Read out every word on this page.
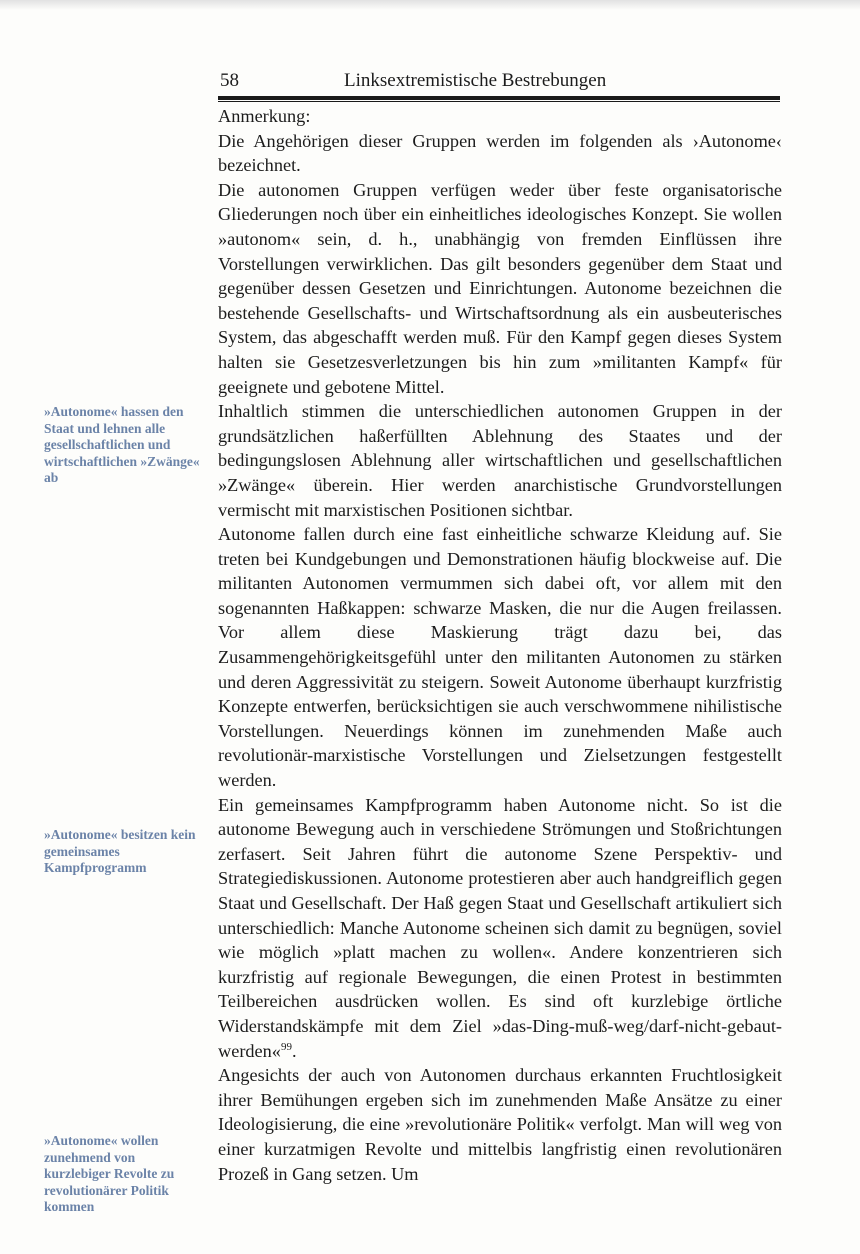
58	Linksextremistische Bestrebungen
»Autonome« hassen den Staat und lehnen alle gesellschaftlichen und wirtschaftlichen »Zwänge« ab
»Autonome« besitzen kein gemeinsames Kampfprogramm
»Autonome« wollen zunehmend von kurzlebiger Revolte zu revolutionärer Politik kommen

Anmerkung:

Die Angehörigen dieser Gruppen werden im folgenden als ›Autonome‹ bezeichnet.

Die autonomen Gruppen verfügen weder über feste organisatorische Gliederungen noch über ein einheitliches ideologisches Konzept. Sie wollen »autonom« sein, d. h., unabhängig von fremden Einflüssen ihre Vorstellungen verwirklichen. Das gilt besonders gegenüber dem Staat und gegenüber dessen Gesetzen und Einrichtungen. Autonome bezeichnen die bestehende Gesellschafts- und Wirtschaftsordnung als ein ausbeuterisches System, das abgeschafft werden muß. Für den Kampf gegen dieses System halten sie Gesetzesverletzungen bis hin zum »militanten Kampf« für geeignete und gebotene Mittel.

Inhaltlich stimmen die unterschiedlichen autonomen Gruppen in der grundsätzlichen haßerfüllten Ablehnung des Staates und der bedingungslosen Ablehnung aller wirtschaftlichen und gesellschaftlichen »Zwänge« überein. Hier werden anarchistische Grundvorstellungen vermischt mit marxistischen Positionen sichtbar.

Autonome fallen durch eine fast einheitliche schwarze Kleidung auf. Sie treten bei Kundgebungen und Demonstrationen häufig blockweise auf. Die militanten Autonomen vermummen sich dabei oft, vor allem mit den sogenannten Haßkappen: schwarze Masken, die nur die Augen freilassen. Vor allem diese Maskierung trägt dazu bei, das Zusammengehörigkeitsgefühl unter den militanten Autonomen zu stärken und deren Aggressivität zu steigern. Soweit Autonome überhaupt kurzfristig Konzepte entwerfen, berücksichtigen sie auch verschwommene nihilistische Vorstellungen. Neuerdings können im zunehmenden Maße auch revolutionär-marxistische Vorstellungen und Zielsetzungen festgestellt werden.

Ein gemeinsames Kampfprogramm haben Autonome nicht. So ist die autonome Bewegung auch in verschiedene Strömungen und Stoßrichtungen zerfasert. Seit Jahren führt die autonome Szene Perspektiv- und Strategiediskussionen. Autonome protestieren aber auch handgreiflich gegen Staat und Gesellschaft. Der Haß gegen Staat und Gesellschaft artikuliert sich unterschiedlich: Manche Autonome scheinen sich damit zu begnügen, soviel wie möglich »platt machen zu wollen«. Andere konzentrieren sich kurzfristig auf regionale Bewegungen, die einen Protest in bestimmten Teilbereichen ausdrücken wollen. Es sind oft kurzlebige örtliche Widerstandskämpfe mit dem Ziel »das-Ding-muß-weg/darf-nicht-gebaut-werden«$^{99}$.

Angesichts der auch von Autonomen durchaus erkannten Fruchtlosigkeit ihrer Bemühungen ergeben sich im zunehmenden Maße Ansätze zu einer Ideologisierung, die eine »revolutionäre Politik« verfolgt. Man will weg von einer kurzatmigen Revolte und mittelbis langfristig einen revolutionären Prozeß in Gang setzen. Um
